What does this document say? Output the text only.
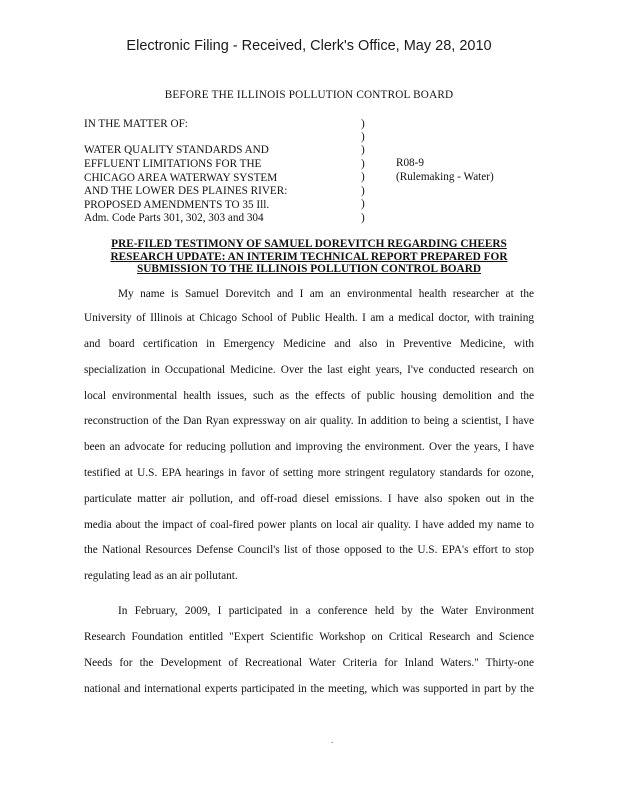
Electronic Filing - Received, Clerk's Office, May 28, 2010
BEFORE THE ILLINOIS POLLUTION CONTROL BOARD
IN THE MATTER OF:
WATER QUALITY STANDARDS AND
EFFLUENT LIMITATIONS FOR THE
CHICAGO AREA WATERWAY SYSTEM
AND THE LOWER DES PLAINES RIVER:
PROPOSED AMENDMENTS TO 35 Ill.
Adm. Code Parts 301, 302, 303 and 304
)
)
)
)
)
)
)
)
R08-9
(Rulemaking - Water)
PRE-FILED TESTIMONY OF SAMUEL DOREVITCH REGARDING CHEERS
RESEARCH UPDATE: AN INTERIM TECHNICAL REPORT PREPARED FOR
SUBMISSION TO THE ILLINOIS POLLUTION CONTROL BOARD
My name is Samuel Dorevitch and I am an environmental health researcher at the
University of Illinois at Chicago School of Public Health. I am a medical doctor, with training
and board certification in Emergency Medicine and also in Preventive Medicine, with
specialization in Occupational Medicine. Over the last eight years, I've conducted research on
local environmental health issues, such as the effects of public housing demolition and the
reconstruction of the Dan Ryan expressway on air quality. In addition to being a scientist, I have
been an advocate for reducing pollution and improving the environment. Over the years, I have
testified at U.S. EPA hearings in favor of setting more stringent regulatory standards for ozone,
particulate matter air pollution, and off-road diesel emissions. I have also spoken out in the
media about the impact of coal-fired power plants on local air quality. I have added my name to
the National Resources Defense Council's list of those opposed to the U.S. EPA's effort to stop
regulating lead as an air pollutant.
In February, 2009, I participated in a conference held by the Water Environment
Research Foundation entitled "Expert Scientific Workshop on Critical Research and Science
Needs for the Development of Recreational Water Criteria for Inland Waters." Thirty-one
national and international experts participated in the meeting, which was supported in part by the
.
